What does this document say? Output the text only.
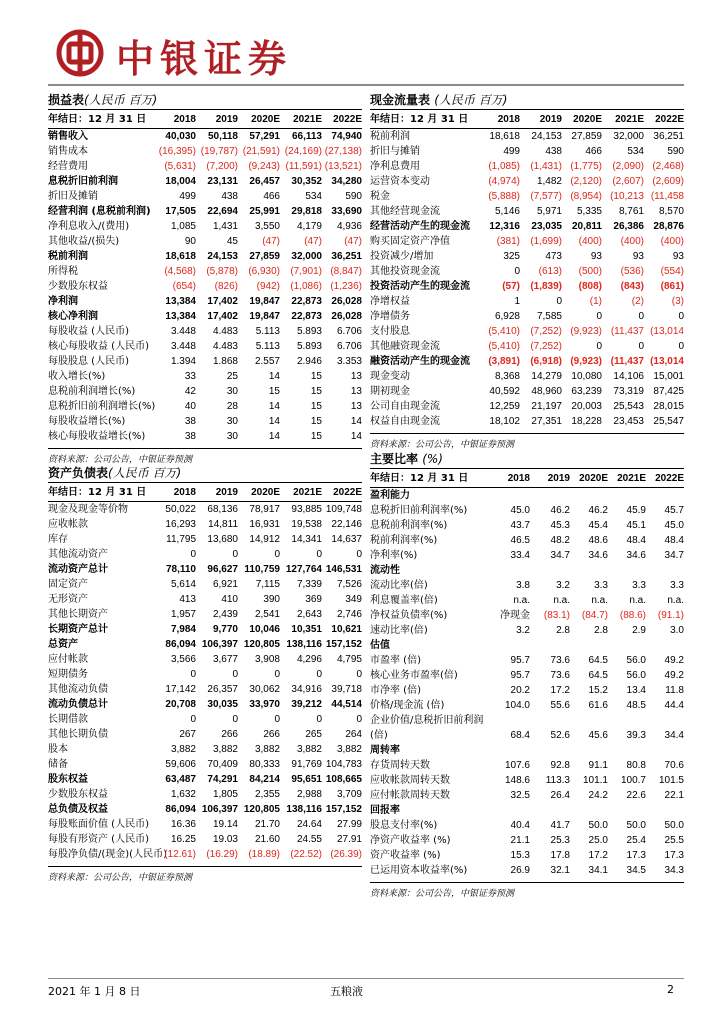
中银证券
损益表(人民币 百万)
年结日：12 月 31 日	2018	2019	2020E	2021E	2022E
销售收入	40,030	50,118	57,291	66,113	74,940
销售成本	(16,395)	(19,787)	(21,591)	(24,169)	(27,138)
经营费用	(5,631)	(7,200)	(9,243)	(11,591)	(13,521)
息税折旧前利润	18,004	23,131	26,457	30,352	34,280
折旧及摊销	499	438	466	534	590
经营利润 (息税前利润)	17,505	22,694	25,991	29,818	33,690
净利息收入/(费用)	1,085	1,431	3,550	4,179	4,936
其他收益/(损失)	90	45	(47)	(47)	(47)
税前利润	18,618	24,153	27,859	32,000	36,251
所得税	(4,568)	(5,878)	(6,930)	(7,901)	(8,847)
少数股东权益	(654)	(826)	(942)	(1,086)	(1,236)
净利润	13,384	17,402	19,847	22,873	26,028
核心净利润	13,384	17,402	19,847	22,873	26,028
每股收益 (人民币)	3.448	4.483	5.113	5.893	6.706
核心每股收益 (人民币)	3.448	4.483	5.113	5.893	6.706
每股股息 (人民币)	1.394	1.868	2.557	2.946	3.353
收入增长(%)	33	25	14	15	13
息税前利润增长(%)	42	30	15	15	13
息税折旧前利润增长(%)	40	28	14	15	13
每股收益增长(%)	38	30	14	15	14
核心每股收益增长(%)	38	30	14	15	14
资料来源：公司公告，中银证券预测
现金流量表 (人民币 百万)
年结日：12 月 31 日	2018	2019	2020E	2021E	2022E
税前利润	18,618	24,153	27,859	32,000	36,251
折旧与摊销	499	438	466	534	590
净利息费用	(1,085)	(1,431)	(1,775)	(2,090)	(2,468)
运营资本变动	(4,974)	1,482	(2,120)	(2,607)	(2,609)
税金	(5,888)	(7,577)	(8,954)	(10,213	(11,458
其他经营现金流	5,146	5,971	5,335	8,761	8,570
经营活动产生的现金流	12,316	23,035	20,811	26,386	28,876
购买固定资产净值	(381)	(1,699)	(400)	(400)	(400)
投资减少/增加	325	473	93	93	93
其他投资现金流	0	(613)	(500)	(536)	(554)
投资活动产生的现金流	(57)	(1,839)	(808)	(843)	(861)
净增权益	1	0	(1)	(2)	(3)
净增债务	6,928	7,585	0	0	0
支付股息	(5,410)	(7,252)	(9,923)	(11,437	(13,014
其他融资现金流	(5,410)	(7,252)	0	0	0
融资活动产生的现金流	(3,891)	(6,918)	(9,923)	(11,437	(13,014
现金变动	8,368	14,279	10,080	14,106	15,001
期初现金	40,592	48,960	63,239	73,319	87,425
公司自由现金流	12,259	21,197	20,003	25,543	28,015
权益自由现金流	18,102	27,351	18,228	23,453	25,547
资料来源：公司公告，中银证券预测
资产负债表(人民币 百万)
年结日：12 月 31 日	2018	2019	2020E	2021E	2022E
现金及现金等价物	50,022	68,136	78,917	93,885	109,748
应收帐款	16,293	14,811	16,931	19,538	22,146
库存	11,795	13,680	14,912	14,341	14,637
其他流动资产	0	0	0	0	0
流动资产总计	78,110	96,627	110,759	127,764	146,531
固定资产	5,614	6,921	7,115	7,339	7,526
无形资产	413	410	390	369	349
其他长期资产	1,957	2,439	2,541	2,643	2,746
长期资产总计	7,984	9,770	10,046	10,351	10,621
总资产	86,094	106,397	120,805	138,116	157,152
应付帐款	3,566	3,677	3,908	4,296	4,795
短期债务	0	0	0	0	0
其他流动负债	17,142	26,357	30,062	34,916	39,718
流动负债总计	20,708	30,035	33,970	39,212	44,514
长期借款	0	0	0	0	0
其他长期负债	267	266	266	265	264
股本	3,882	3,882	3,882	3,882	3,882
储备	59,606	70,409	80,333	91,769	104,783
股东权益	63,487	74,291	84,214	95,651	108,665
少数股东权益	1,632	1,805	2,355	2,988	3,709
总负债及权益	86,094	106,397	120,805	138,116	157,152
每股账面价值 (人民币)	16.36	19.14	21.70	24.64	27.99
每股有形资产 (人民币)	16.25	19.03	21.60	24.55	27.91
每股净负债/(现金)(人民币)	(12.61)	(16.29)	(18.89)	(22.52)	(26.39)
资料来源：公司公告，中银证券预测
主要比率 (%)
年结日：12 月 31 日	2018	2019	2020E	2021E	2022E
盈利能力					
息税折旧前利润率(%)	45.0	46.2	46.2	45.9	45.7
息税前利润率(%)	43.7	45.3	45.4	45.1	45.0
税前利润率(%)	46.5	48.2	48.6	48.4	48.4
净利率(%)	33.4	34.7	34.6	34.6	34.7
流动性					
流动比率(倍)	3.8	3.2	3.3	3.3	3.3
利息覆盖率(倍)	n.a.	n.a.	n.a.	n.a.	n.a.
净权益负债率(%)	净现金	(83.1)	(84.7)	(88.6)	(91.1)
速动比率(倍)	3.2	2.8	2.8	2.9	3.0
估值					
市盈率 (倍)	95.7	73.6	64.5	56.0	49.2
核心业务市盈率(倍)	95.7	73.6	64.5	56.0	49.2
市净率 (倍)	20.2	17.2	15.2	13.4	11.8
价格/现金流 (倍)	104.0	55.6	61.6	48.5	44.4
企业价值/息税折旧前利润(倍)	68.4	52.6	45.6	39.3	34.4
周转率					
存货周转天数	107.6	92.8	91.1	80.8	70.6
应收帐款周转天数	148.6	113.3	101.1	100.7	101.5
应付帐款周转天数	32.5	26.4	24.2	22.6	22.1
回报率					
股息支付率(%)	40.4	41.7	50.0	50.0	50.0
净资产收益率 (%)	21.1	25.3	25.0	25.4	25.5
资产收益率 (%)	15.3	17.8	17.2	17.3	17.3
已运用资本收益率(%)	26.9	32.1	34.1	34.5	34.3
资料来源：公司公告，中银证券预测
2021 年 1 月 8 日	五粮液	2
